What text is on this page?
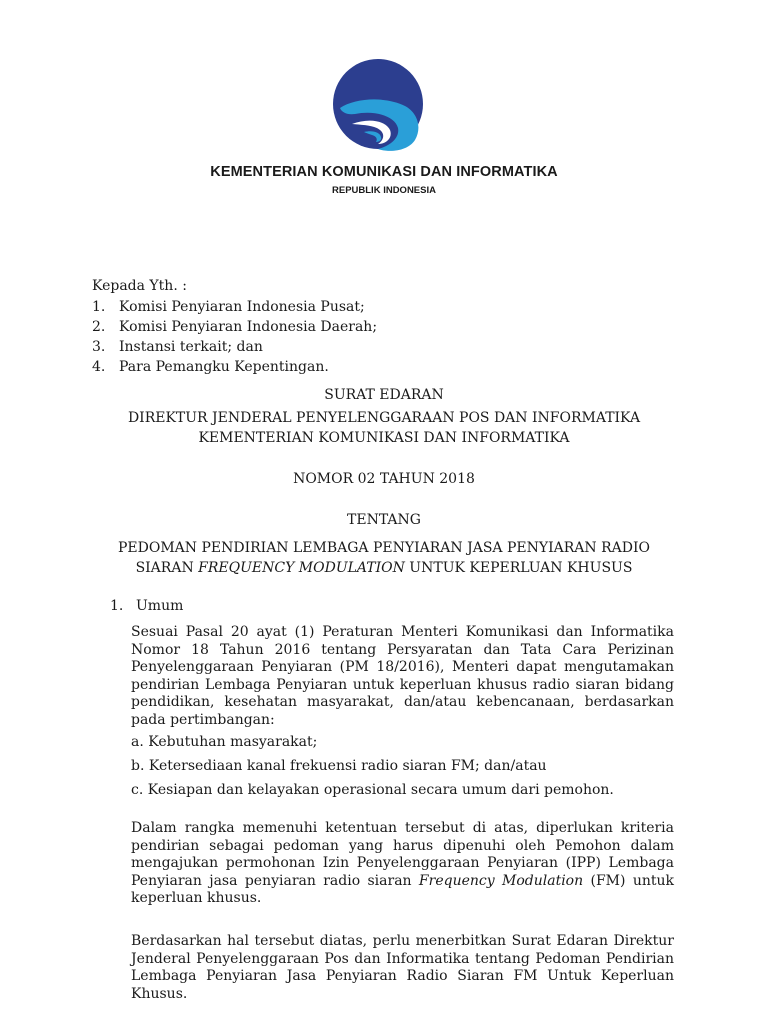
KEMENTERIAN KOMUNIKASI DAN INFORMATIKA
REPUBLIK INDONESIA
Kepada Yth. :
1. Komisi Penyiaran Indonesia Pusat;
2. Komisi Penyiaran Indonesia Daerah;
3. Instansi terkait; dan
4. Para Pemangku Kepentingan.
SURAT EDARAN
DIREKTUR JENDERAL PENYELENGGARAAN POS DAN INFORMATIKA
KEMENTERIAN KOMUNIKASI DAN INFORMATIKA
NOMOR 02 TAHUN 2018
TENTANG
PEDOMAN PENDIRIAN LEMBAGA PENYIARAN JASA PENYIARAN RADIO
SIARAN FREQUENCY MODULATION UNTUK KEPERLUAN KHUSUS
1. Umum

Sesuai Pasal 20 ayat (1) Peraturan Menteri Komunikasi dan Informatika Nomor 18 Tahun 2016 tentang Persyaratan dan Tata Cara Perizinan Penyelenggaraan Penyiaran (PM 18/2016), Menteri dapat mengutamakan pendirian Lembaga Penyiaran untuk keperluan khusus radio siaran bidang pendidikan, kesehatan masyarakat, dan/atau kebencanaan, berdasarkan pada pertimbangan:

a. Kebutuhan masyarakat;
b. Ketersediaan kanal frekuensi radio siaran FM; dan/atau
c. Kesiapan dan kelayakan operasional secara umum dari pemohon.

Dalam rangka memenuhi ketentuan tersebut di atas, diperlukan kriteria pendirian sebagai pedoman yang harus dipenuhi oleh Pemohon dalam mengajukan permohonan Izin Penyelenggaraan Penyiaran (IPP) Lembaga Penyiaran jasa penyiaran radio siaran Frequency Modulation (FM) untuk keperluan khusus.

Berdasarkan hal tersebut diatas, perlu menerbitkan Surat Edaran Direktur Jenderal Penyelenggaraan Pos dan Informatika tentang Pedoman Pendirian Lembaga Penyiaran Jasa Penyiaran Radio Siaran FM Untuk Keperluan Khusus.
